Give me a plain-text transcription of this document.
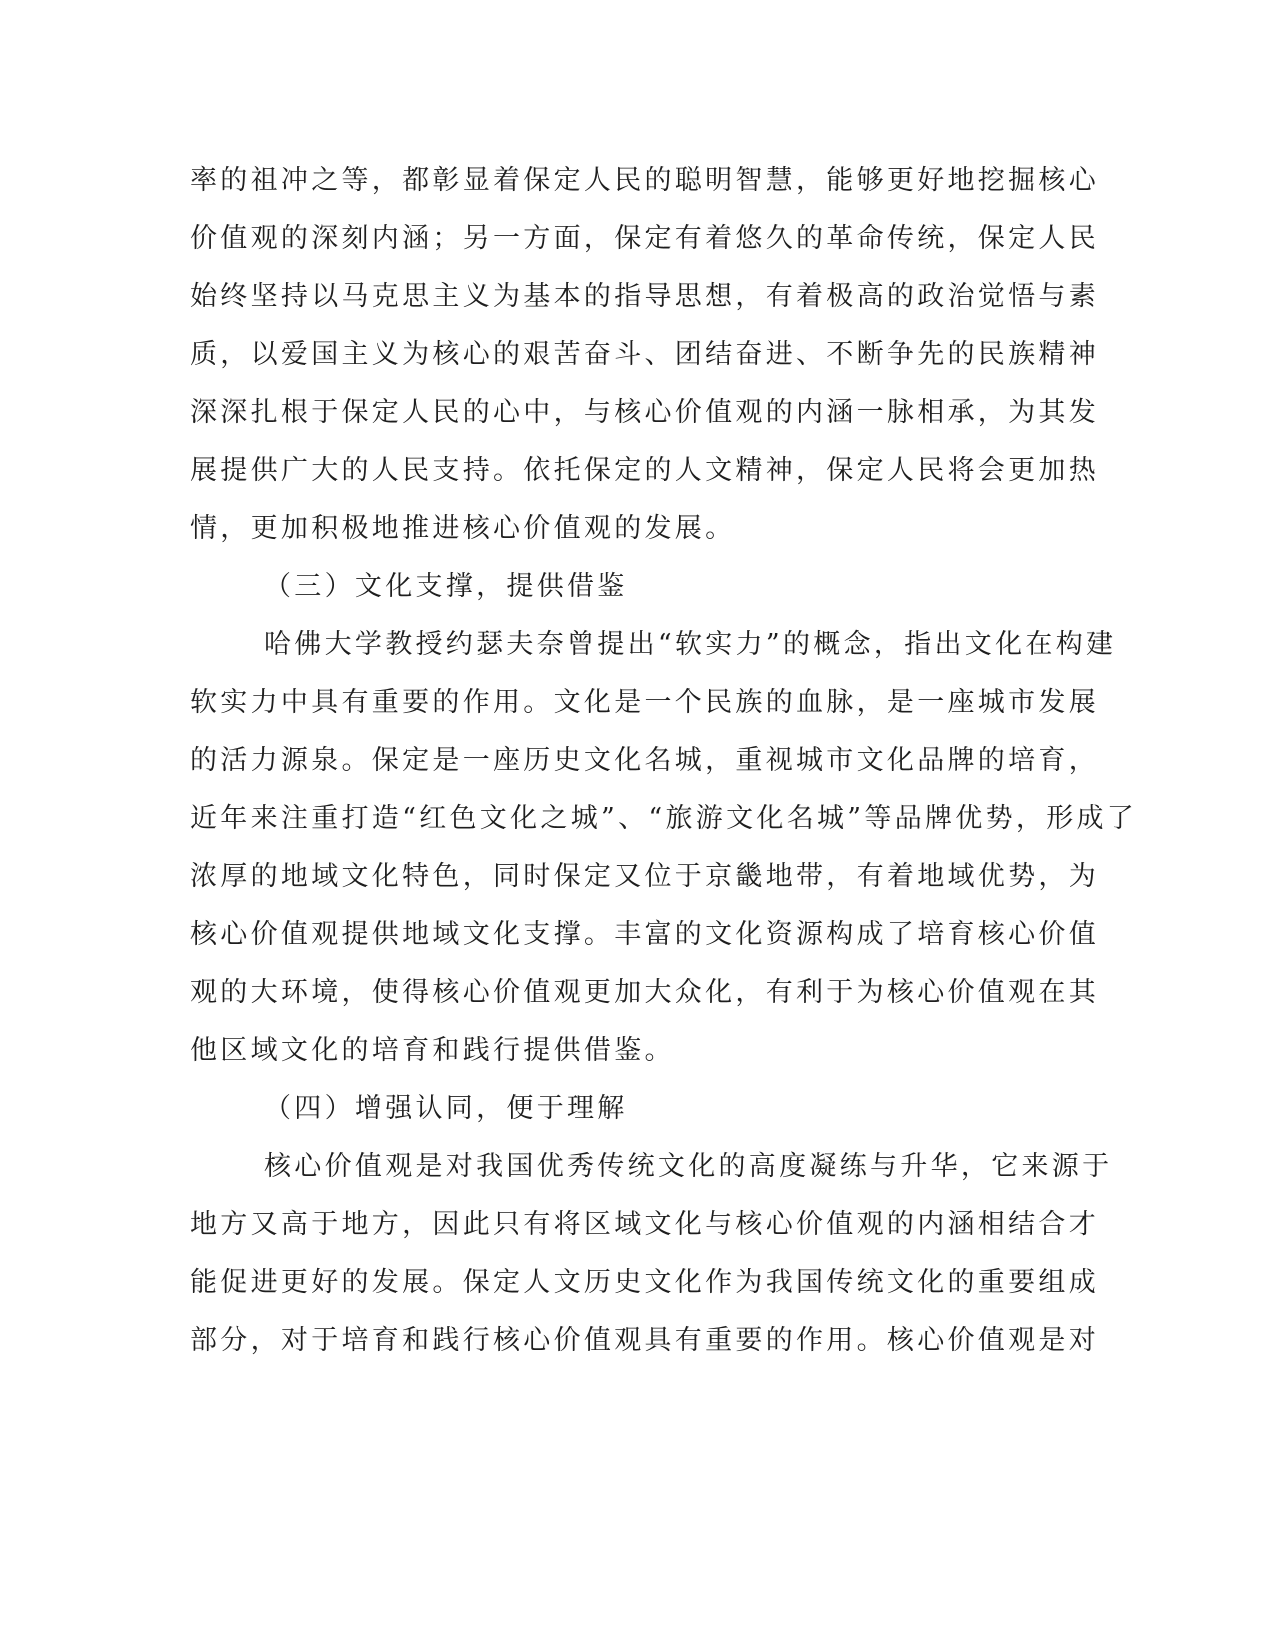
率的祖冲之等，都彰显着保定人民的聪明智慧，能够更好地挖掘核心
价值观的深刻内涵；另一方面，保定有着悠久的革命传统，保定人民
始终坚持以马克思主义为基本的指导思想，有着极高的政治觉悟与素
质，以爱国主义为核心的艰苦奋斗、团结奋进、不断争先的民族精神
深深扎根于保定人民的心中，与核心价值观的内涵一脉相承，为其发
展提供广大的人民支持。依托保定的人文精神，保定人民将会更加热
情，更加积极地推进核心价值观的发展。
（三）文化支撑，提供借鉴
哈佛大学教授约瑟夫奈曾提出“软实力”的概念，指出文化在构建
软实力中具有重要的作用。文化是一个民族的血脉，是一座城市发展
的活力源泉。保定是一座历史文化名城，重视城市文化品牌的培育，
近年来注重打造“红色文化之城”、“旅游文化名城”等品牌优势，形成了
浓厚的地域文化特色，同时保定又位于京畿地带，有着地域优势，为
核心价值观提供地域文化支撑。丰富的文化资源构成了培育核心价值
观的大环境，使得核心价值观更加大众化，有利于为核心价值观在其
他区域文化的培育和践行提供借鉴。
（四）增强认同，便于理解
核心价值观是对我国优秀传统文化的高度凝练与升华，它来源于
地方又高于地方，因此只有将区域文化与核心价值观的内涵相结合才
能促进更好的发展。保定人文历史文化作为我国传统文化的重要组成
部分，对于培育和践行核心价值观具有重要的作用。核心价值观是对
